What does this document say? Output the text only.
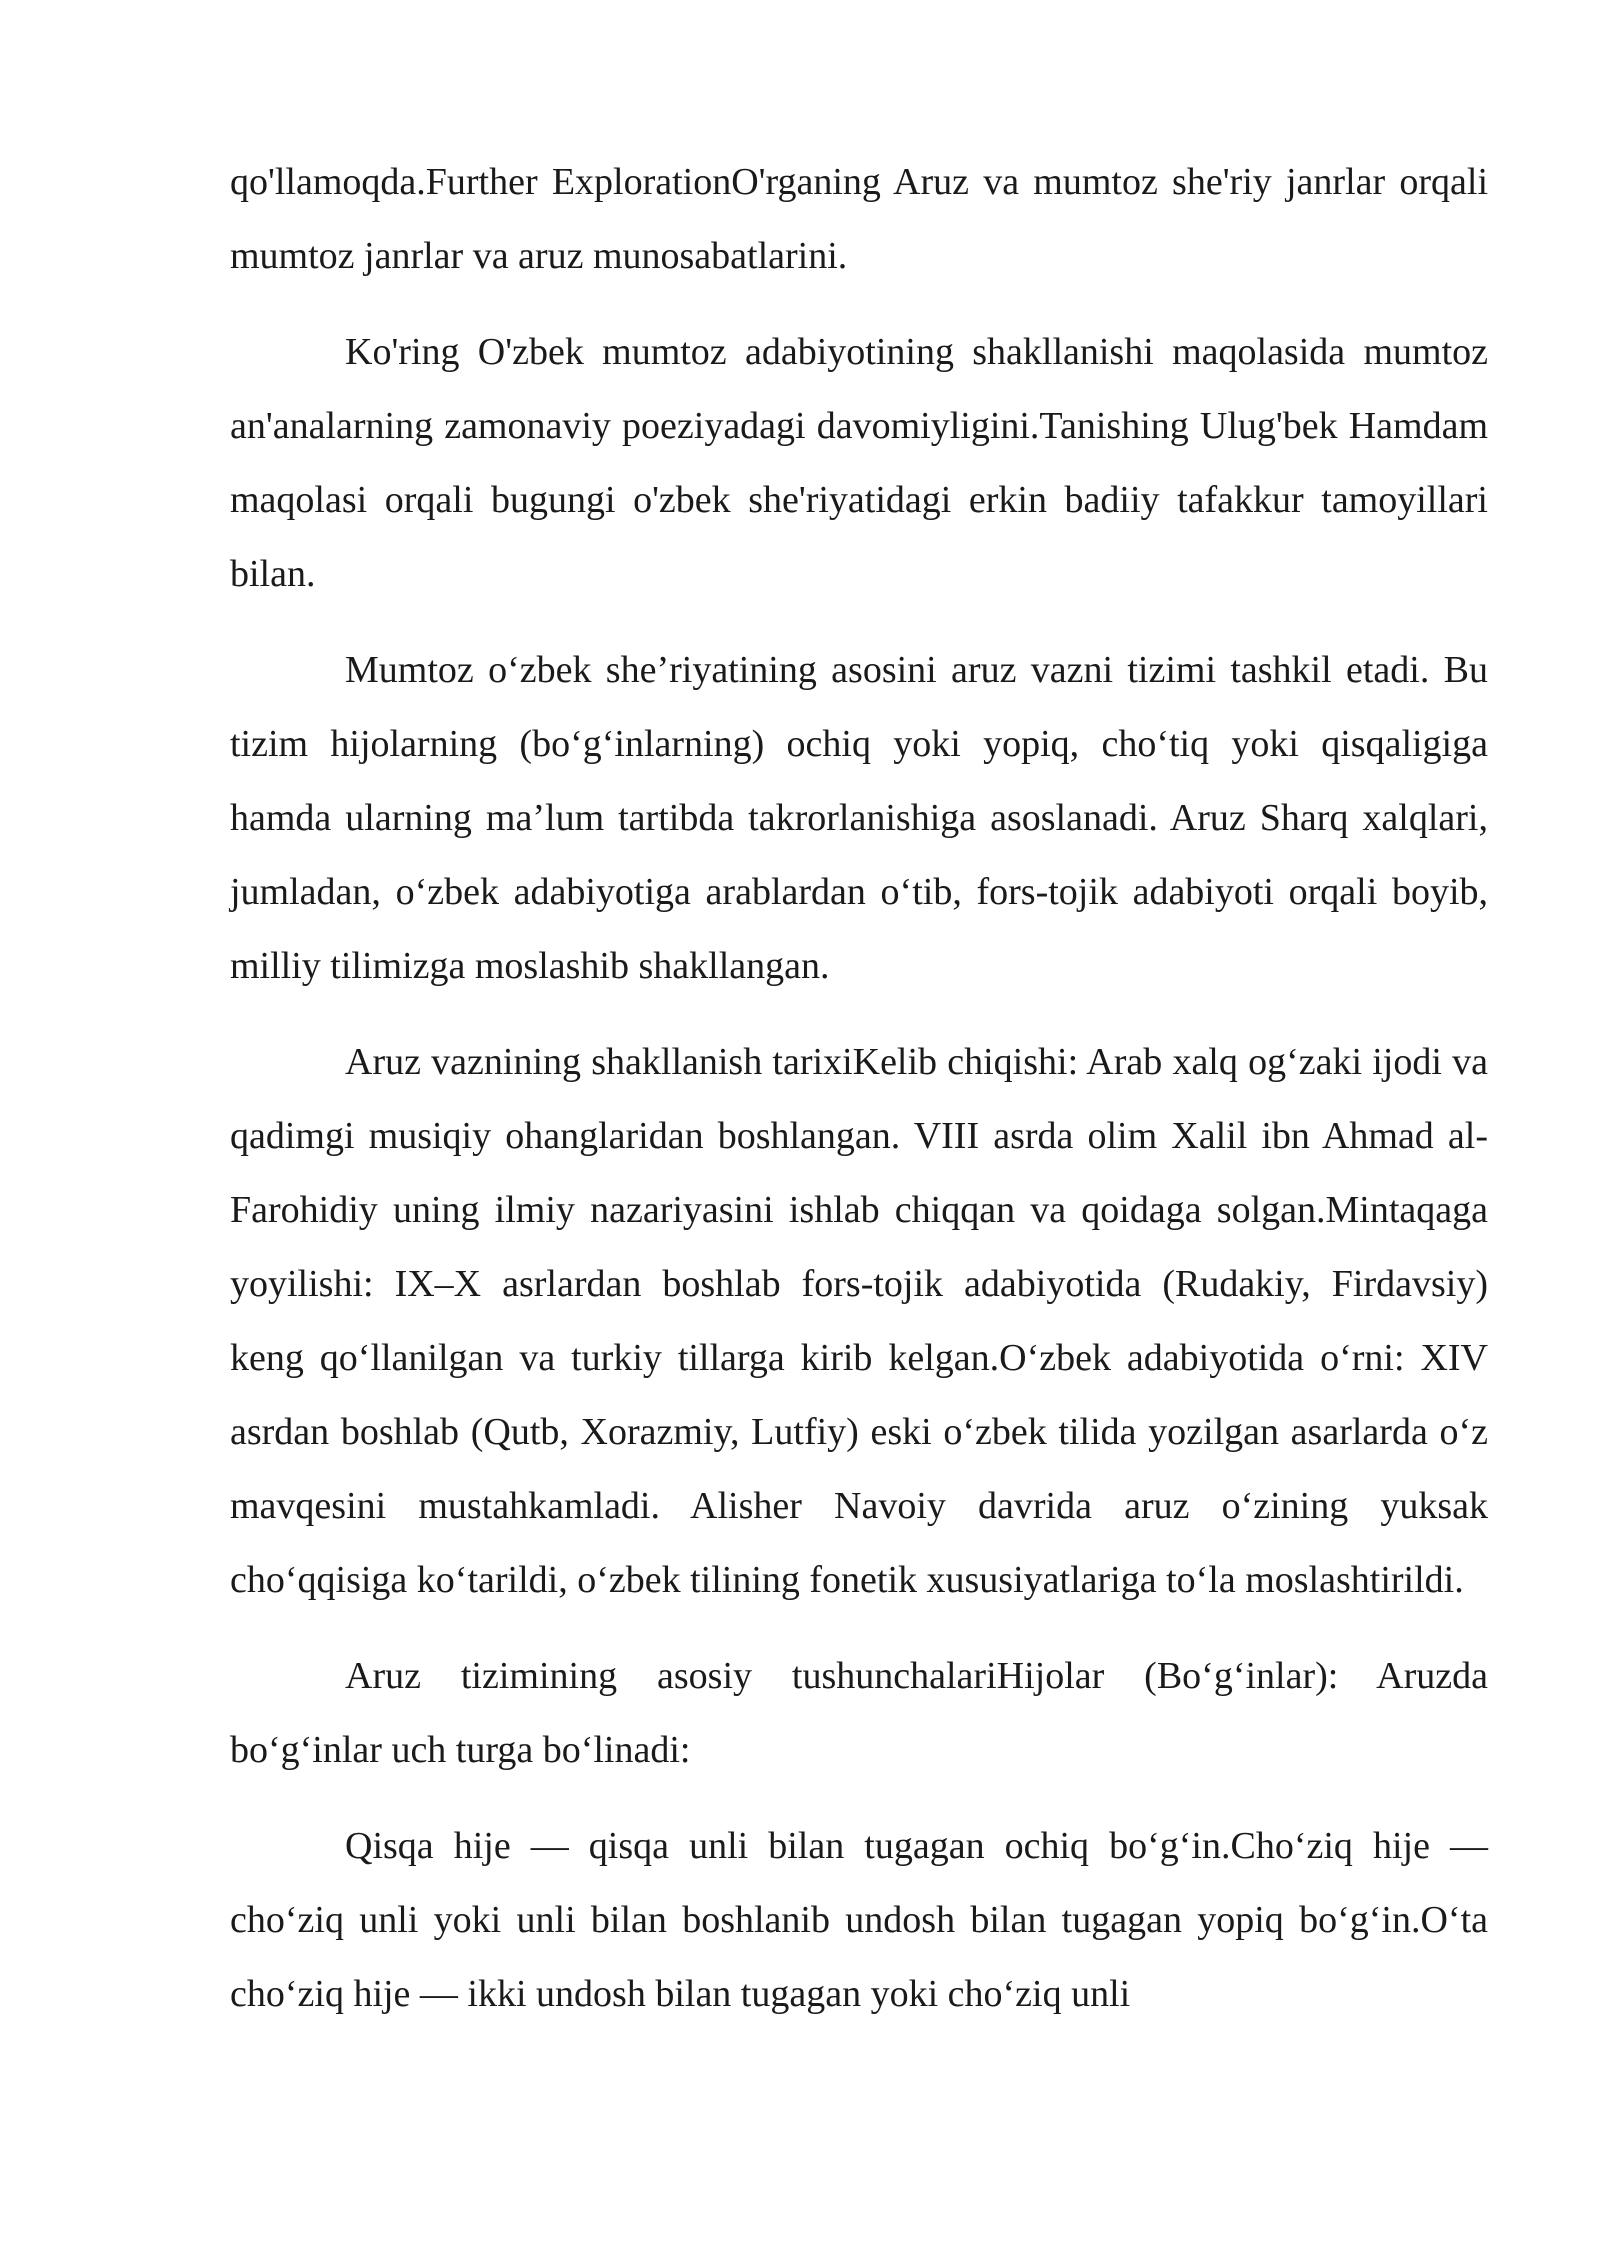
qo'llamoqda.Further ExplorationO'rganing Aruz va mumtoz she'riy janrlar orqali mumtoz janrlar va aruz munosabatlarini.

Ko'ring O'zbek mumtoz adabiyotining shakllanishi maqolasida mumtoz an'analarning zamonaviy poeziyadagi davomiyligini.Tanishing Ulug'bek Hamdam maqolasi orqali bugungi o'zbek she'riyatidagi erkin badiiy tafakkur tamoyillari bilan.

Mumtoz o‘zbek she’riyatining asosini aruz vazni tizimi tashkil etadi. Bu tizim hijolarning (bo‘g‘inlarning) ochiq yoki yopiq, cho‘tiq yoki qisqaligiga hamda ularning ma’lum tartibda takrorlanishiga asoslanadi. Aruz Sharq xalqlari, jumladan, o‘zbek adabiyotiga arablardan o‘tib, fors-tojik adabiyoti orqali boyib, milliy tilimizga moslashib shakllangan.

Aruz vaznining shakllanish tarixiKelib chiqishi: Arab xalq og‘zaki ijodi va qadimgi musiqiy ohanglaridan boshlangan. VIII asrda olim Xalil ibn Ahmad al-Farohidiy uning ilmiy nazariyasini ishlab chiqqan va qoidaga solgan.Mintaqaga yoyilishi: IX–X asrlardan boshlab fors-tojik adabiyotida (Rudakiy, Firdavsiy) keng qo‘llanilgan va turkiy tillarga kirib kelgan.O‘zbek adabiyotida o‘rni: XIV asrdan boshlab (Qutb, Xorazmiy, Lutfiy) eski o‘zbek tilida yozilgan asarlarda o‘z mavqesini mustahkamladi. Alisher Navoiy davrida aruz o‘zining yuksak cho‘qqisiga ko‘tarildi, o‘zbek tilining fonetik xususiyatlariga to‘la moslashtirildi.

Aruz tizimining asosiy tushunchalariHijolar (Bo‘g‘inlar): Aruzda bo‘g‘inlar uch turga bo‘linadi:

Qisqa hije — qisqa unli bilan tugagan ochiq bo‘g‘in.Cho‘ziq hije — cho‘ziq unli yoki unli bilan boshlanib undosh bilan tugagan yopiq bo‘g‘in.O‘ta cho‘ziq hije — ikki undosh bilan tugagan yoki cho‘ziq unli
